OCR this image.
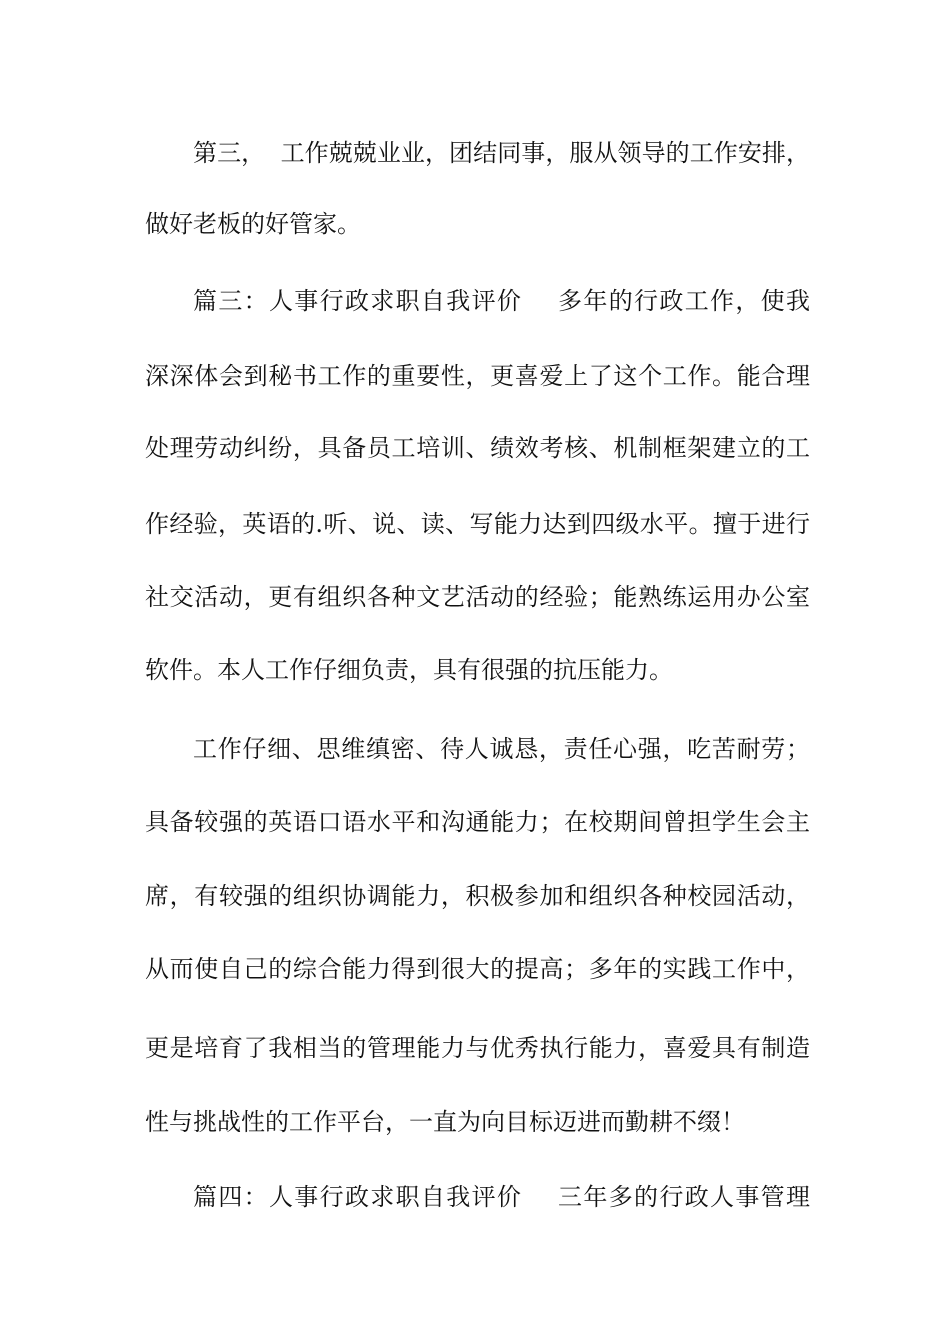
第三，  工作兢兢业业，团结同事，服从领导的工作安排，
做好老板的好管家。
篇三：人事行政求职自我评价    多年的行政工作，使我
深深体会到秘书工作的重要性，更喜爱上了这个工作。能合理
处理劳动纠纷，具备员工培训、绩效考核、机制框架建立的工
作经验，英语的.听、说、读、写能力达到四级水平。擅于进行
社交活动，更有组织各种文艺活动的经验；能熟练运用办公室
软件。本人工作仔细负责，具有很强的抗压能力。
工作仔细、思维缜密、待人诚恳，责任心强，吃苦耐劳；
具备较强的英语口语水平和沟通能力；在校期间曾担学生会主
席，有较强的组织协调能力，积极参加和组织各种校园活动，
从而使自己的综合能力得到很大的提高；多年的实践工作中，
更是培育了我相当的管理能力与优秀执行能力，喜爱具有制造
性与挑战性的工作平台，一直为向目标迈进而勤耕不缀！
篇四：人事行政求职自我评价    三年多的行政人事管理
